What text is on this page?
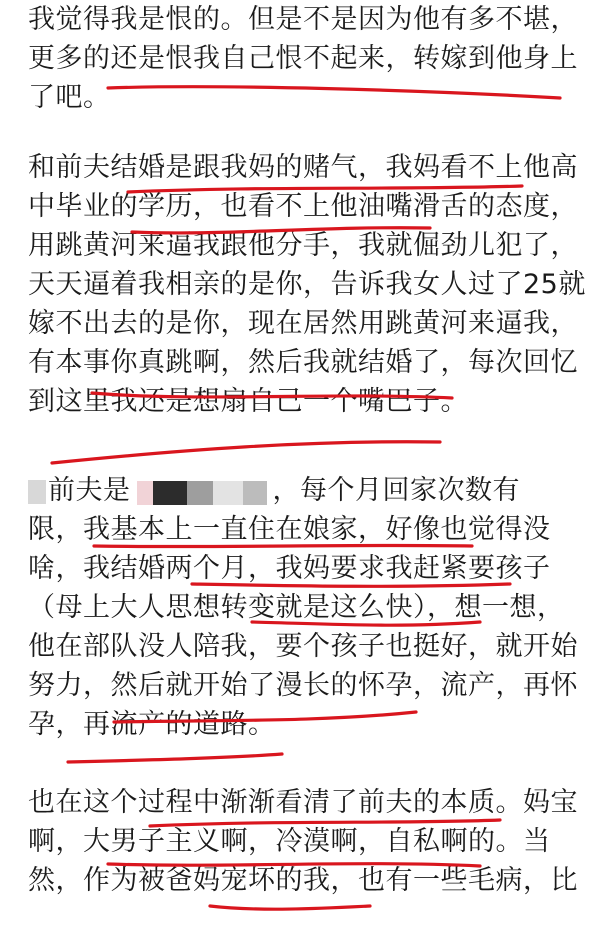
我觉得我是恨的。但是不是因为他有多不堪，
更多的还是恨我自己恨不起来，转嫁到他身上
了吧。
和前夫结婚是跟我妈的赌气，我妈看不上他高
中毕业的学历，也看不上他油嘴滑舌的态度，
用跳黄河来逼我跟他分手，我就倔劲儿犯了，
天天逼着我相亲的是你，告诉我女人过了25就
嫁不出去的是你，现在居然用跳黄河来逼我，
有本事你真跳啊，然后我就结婚了，每次回忆
到这里我还是想扇自己一个嘴巴子。
前夫是	，每个月回家次数有
限，我基本上一直住在娘家，好像也觉得没
啥，我结婚两个月，我妈要求我赶紧要孩子
（母上大人思想转变就是这么快），想一想，
他在部队没人陪我，要个孩子也挺好，就开始
努力，然后就开始了漫长的怀孕，流产，再怀
孕，再流产的道路。
也在这个过程中渐渐看清了前夫的本质。妈宝
啊，大男子主义啊，冷漠啊，自私啊的。当
然，作为被爸妈宠坏的我，也有一些毛病，比
